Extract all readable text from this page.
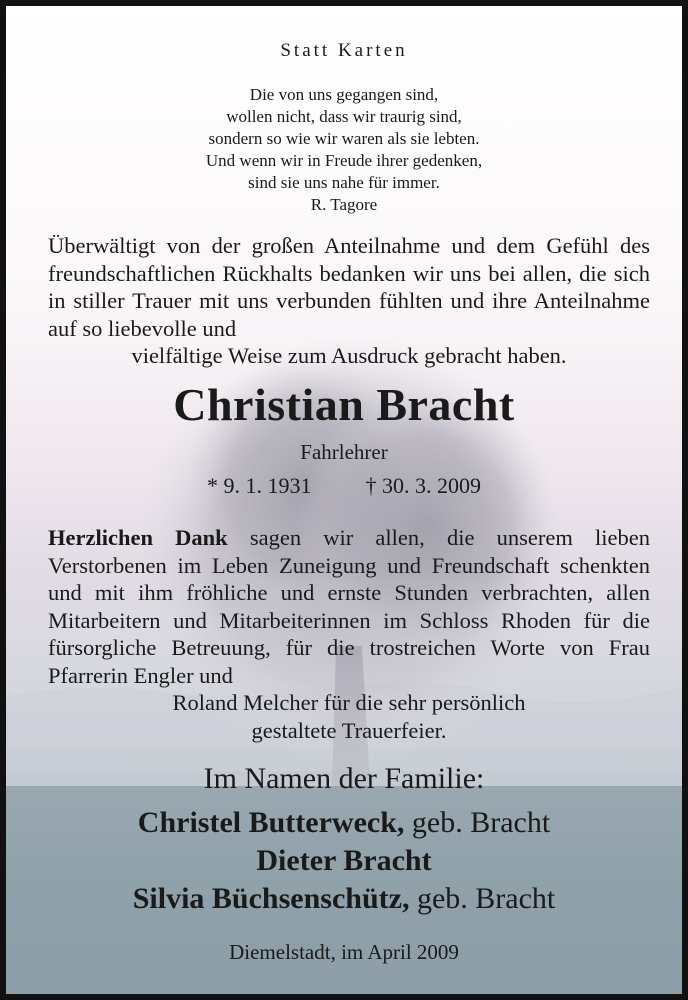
Statt Karten
Die von uns gegangen sind,
wollen nicht, dass wir traurig sind,
sondern so wie wir waren als sie lebten.
Und wenn wir in Freude ihrer gedenken,
sind sie uns nahe für immer.
R. Tagore
Überwältigt von der großen Anteilnahme und dem Gefühl des freundschaftlichen Rückhalts bedanken wir uns bei allen, die sich in stiller Trauer mit uns verbunden fühlten und ihre Anteilnahme auf so liebevolle und
vielfältige Weise zum Ausdruck gebracht haben.
Christian Bracht
Fahrlehrer
* 9. 1. 1931 † 30. 3. 2009

Herzlichen Dank sagen wir allen, die unserem lieben Verstorbenen im Leben Zuneigung und Freundschaft schenkten und mit ihm fröhliche und ernste Stunden verbrachten, allen Mitarbeitern und Mitarbeiterinnen im Schloss Rhoden für die fürsorgliche Betreuung, für die trostreichen Worte von Frau Pfarrerin Engler und

Roland Melcher für die sehr persönlich

gestaltete Trauerfeier.

Im Namen der Familie:
Christel Butterweck, geb. Bracht
Dieter Bracht
Silvia Büchsenschütz, geb. Bracht
Diemelstadt, im April 2009
